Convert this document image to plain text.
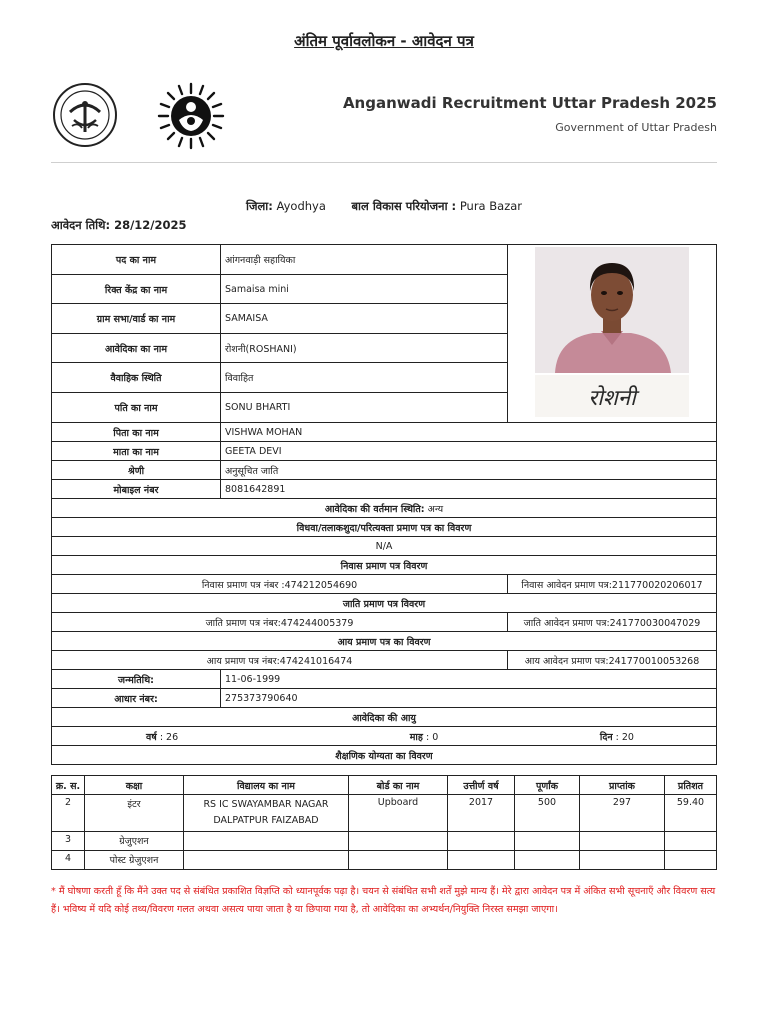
अंतिम पूर्वावलोकन - आवेदन पत्र
Anganwadi Recruitment Uttar Pradesh 2025
Government of Uttar Pradesh
जिला: Ayodhya बाल विकास परियोजना : Pura Bazar
आवेदन तिथि: 28/12/2025
पद का नाम	आंगनवाड़ी सहायिका	रोशनी

रिक्त केंद्र का नाम	Samaisa mini	
ग्राम सभा/वार्ड का नाम	SAMAISA	
आवेदिका का नाम	रोशनी(ROSHANI)	
वैवाहिक स्थिति	विवाहित	
पति का नाम	SONU BHARTI	
पिता का नाम	VISHWA MOHAN	
माता का नाम	GEETA DEVI	
श्रेणी	अनुसूचित जाति	
मोबाइल नंबर	8081642891	
आवेदिका की वर्तमान स्थिति: अन्य		
विधवा/तलाकशुदा/परित्यक्ता प्रमाण पत्र का विवरण		
N/A		
निवास प्रमाण पत्र विवरण		
निवास प्रमाण पत्र नंबर :474212054690		निवास आवेदन प्रमाण पत्र:211770020206017
जाति प्रमाण पत्र विवरण		
जाति प्रमाण पत्र नंबर:474244005379		जाति आवेदन प्रमाण पत्र:241770030047029
आय प्रमाण पत्र का विवरण		
आय प्रमाण पत्र नंबर:474241016474		आय आवेदन प्रमाण पत्र:241770010053268
जन्मतिथि:	11-06-1999	
आधार नंबर:	275373790640	
आवेदिका की आयु		

वर्ष : 26 माह : 0 दिन : 20		

शैक्षणिक योग्यता का विवरण		
क्र. स.	कक्षा	विद्यालय का नाम	बोर्ड का नाम	उत्तीर्ण वर्ष	पूर्णांक	प्राप्तांक	प्रतिशत
2	इंटर	RS IC SWAYAMBAR NAGAR DALPATPUR FAIZABAD	Upboard	2017	500	297	59.40
3	ग्रेजुएशन						
4	पोस्ट ग्रेजुएशन						
* मैं घोषणा करती हूँ कि मैंने उक्त पद से संबंधित प्रकाशित विज्ञप्ति को ध्यानपूर्वक पढ़ा है। चयन से संबंधित सभी शर्तें मुझे मान्य हैं। मेरे द्वारा आवेदन पत्र में अंकित सभी सूचनाएँ और विवरण सत्य हैं। भविष्य में यदि कोई तथ्य/विवरण गलत अथवा असत्य पाया जाता है या छिपाया गया है, तो आवेदिका का अभ्यर्थन/नियुक्ति निरस्त समझा जाएगा।
